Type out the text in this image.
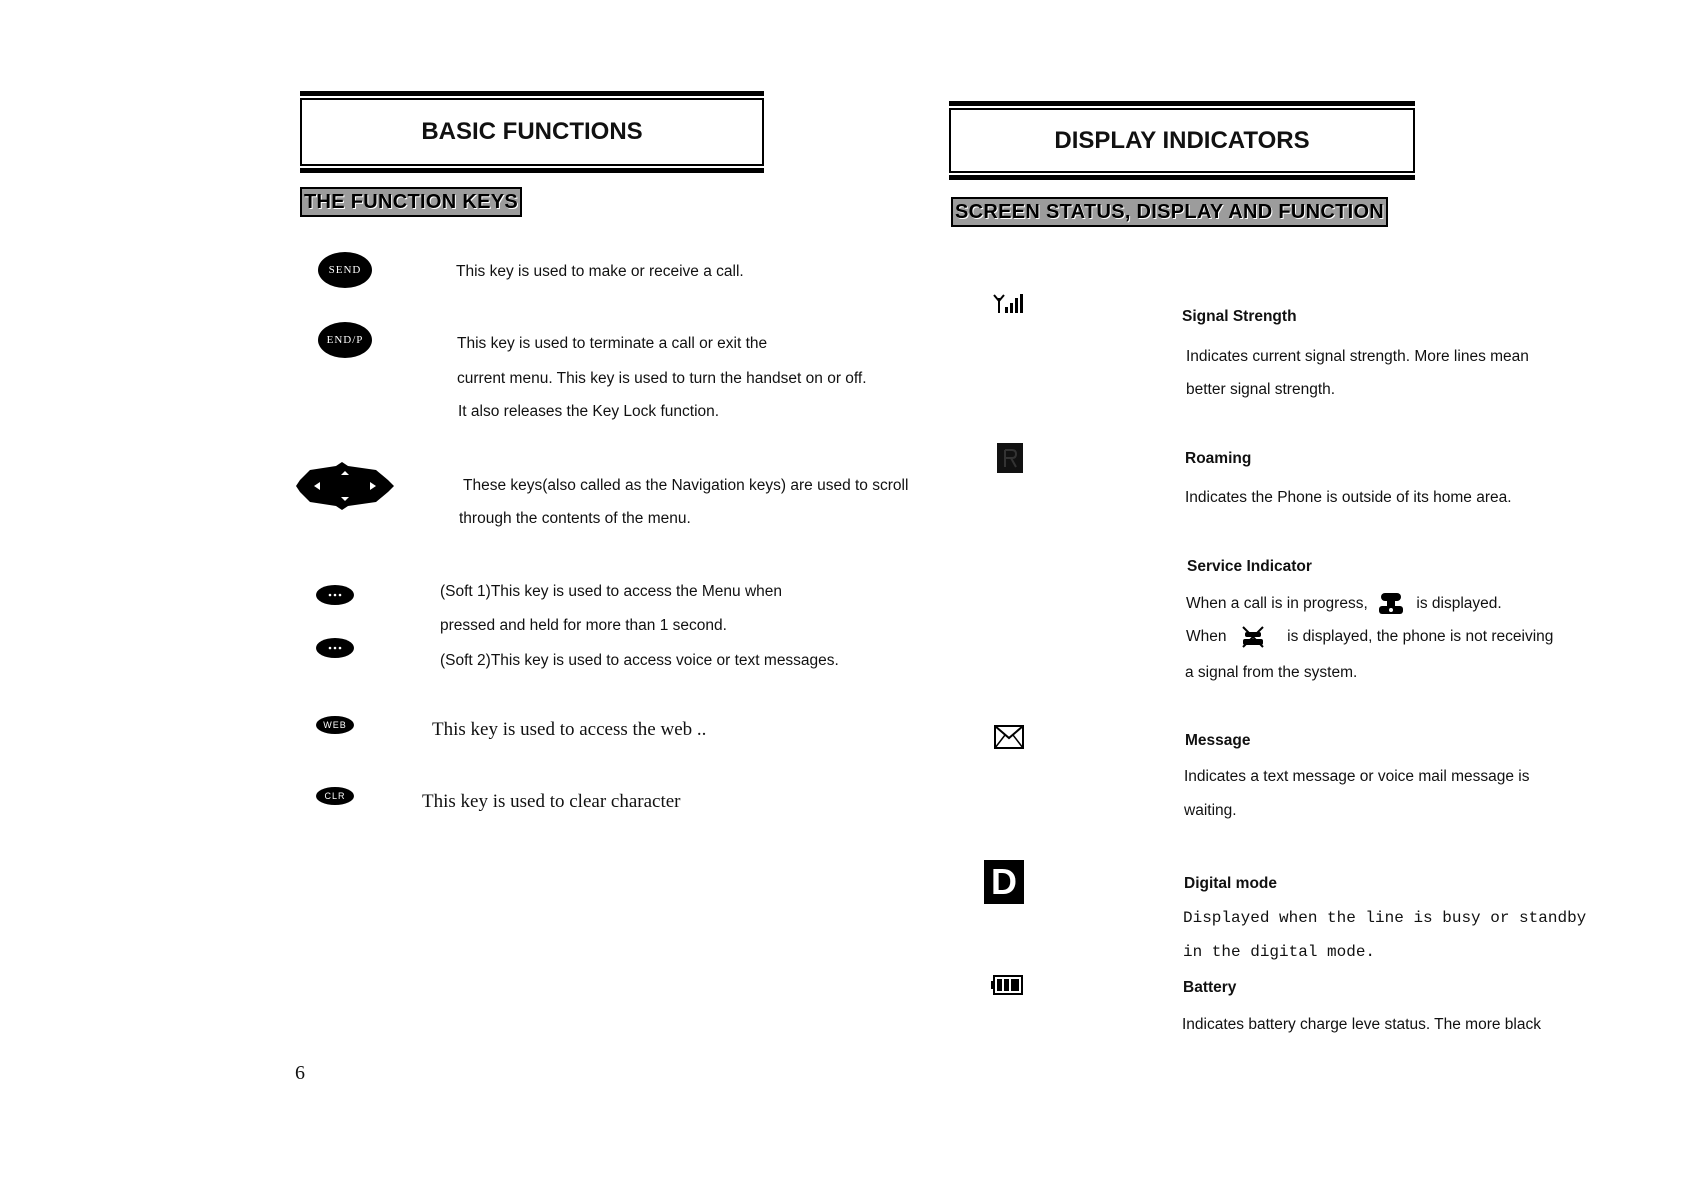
BASIC FUNCTIONS
THE FUNCTION KEYS
SEND	This key is used to make or receive a call.
END/P	This key is used to terminate a call or exit the
current menu. This key is used to turn the handset on or off.
It also releases the Key Lock function.
These keys(also called as the Navigation keys) are used to scroll
through the contents of the menu.
(Soft 1)This key is used to access the Menu when
pressed and held for more than 1 second.
(Soft 2)This key is used to access voice or text messages.
WEB	This key is used to access the web ..
CLR	This key is used to clear character
6
DISPLAY INDICATORS
SCREEN STATUS, DISPLAY AND FUNCTION
Signal Strength
Indicates current signal strength. More lines mean
better signal strength.
Roaming
Indicates the Phone is outside of its home area.
Service Indicator
When a call is in progress,	is displayed.
When	is displayed, the phone is not receiving
a signal from the system.
Message
Indicates a text message or voice mail message is
waiting.
D	Digital mode
Displayed when the line is busy or standby
in the digital mode.
Battery
Indicates battery charge leve status. The more black
